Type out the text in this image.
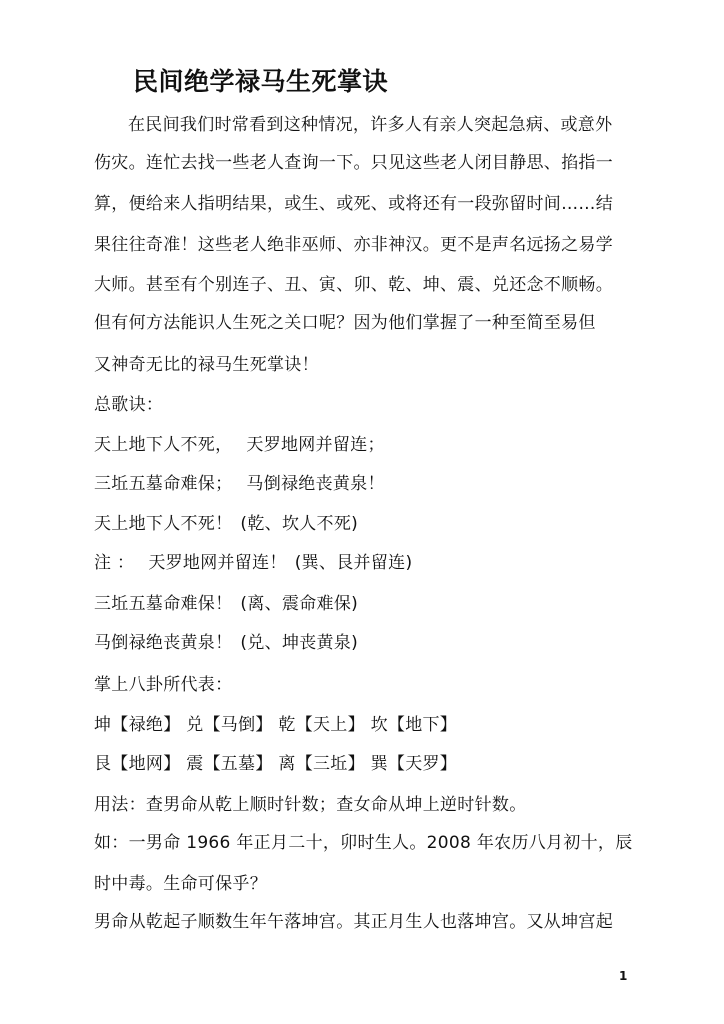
民间绝学禄马生死掌诀
在民间我们时常看到这种情况，许多人有亲人突起急病、或意外
伤灾。连忙去找一些老人查询一下。只见这些老人闭目静思、掐指一
算，便给来人指明结果，或生、或死、或将还有一段弥留时间……结
果往往奇准！这些老人绝非巫师、亦非神汉。更不是声名远扬之易学
大师。甚至有个别连子、丑、寅、卯、乾、坤、震、兑还念不顺畅。
但有何方法能识人生死之关口呢？因为他们掌握了一种至简至易但
又神奇无比的禄马生死掌诀！
总歌诀：
天上地下人不死， 天罗地网并留连；
三坵五墓命难保； 马倒禄绝丧黄泉！
天上地下人不死！ (乾、坎人不死)
注 ： 天罗地网并留连！ (巽、艮并留连)
三坵五墓命难保！ (离、震命难保)
马倒禄绝丧黄泉！ (兑、坤丧黄泉)
掌上八卦所代表：
坤【禄绝】 兑【马倒】 乾【天上】 坎【地下】
艮【地网】 震【五墓】 离【三坵】 巽【天罗】
用法：查男命从乾上顺时针数；查女命从坤上逆时针数。
如：一男命 1966 年正月二十，卯时生人。2008 年农历八月初十，辰
时中毒。生命可保乎？
男命从乾起子顺数生年午落坤宫。其正月生人也落坤宫。又从坤宫起
1
